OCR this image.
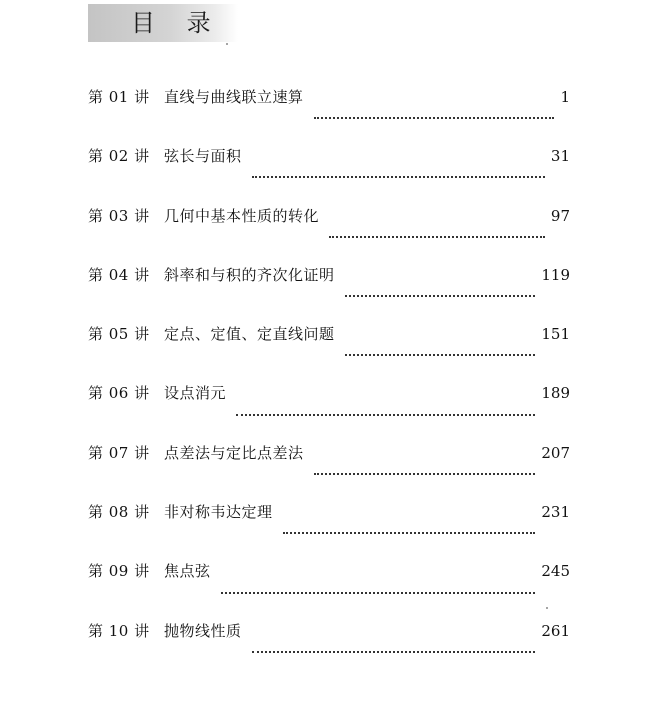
目 录
第 01 讲 直线与曲线联立速算	1
第 02 讲 弦长与面积	31
第 03 讲 几何中基本性质的转化	97
第 04 讲 斜率和与积的齐次化证明	119
第 05 讲 定点、定值、定直线问题	151
第 06 讲 设点消元	189
第 07 讲 点差法与定比点差法	207
第 08 讲 非对称韦达定理	231
第 09 讲 焦点弦	245
第 10 讲 抛物线性质	261
